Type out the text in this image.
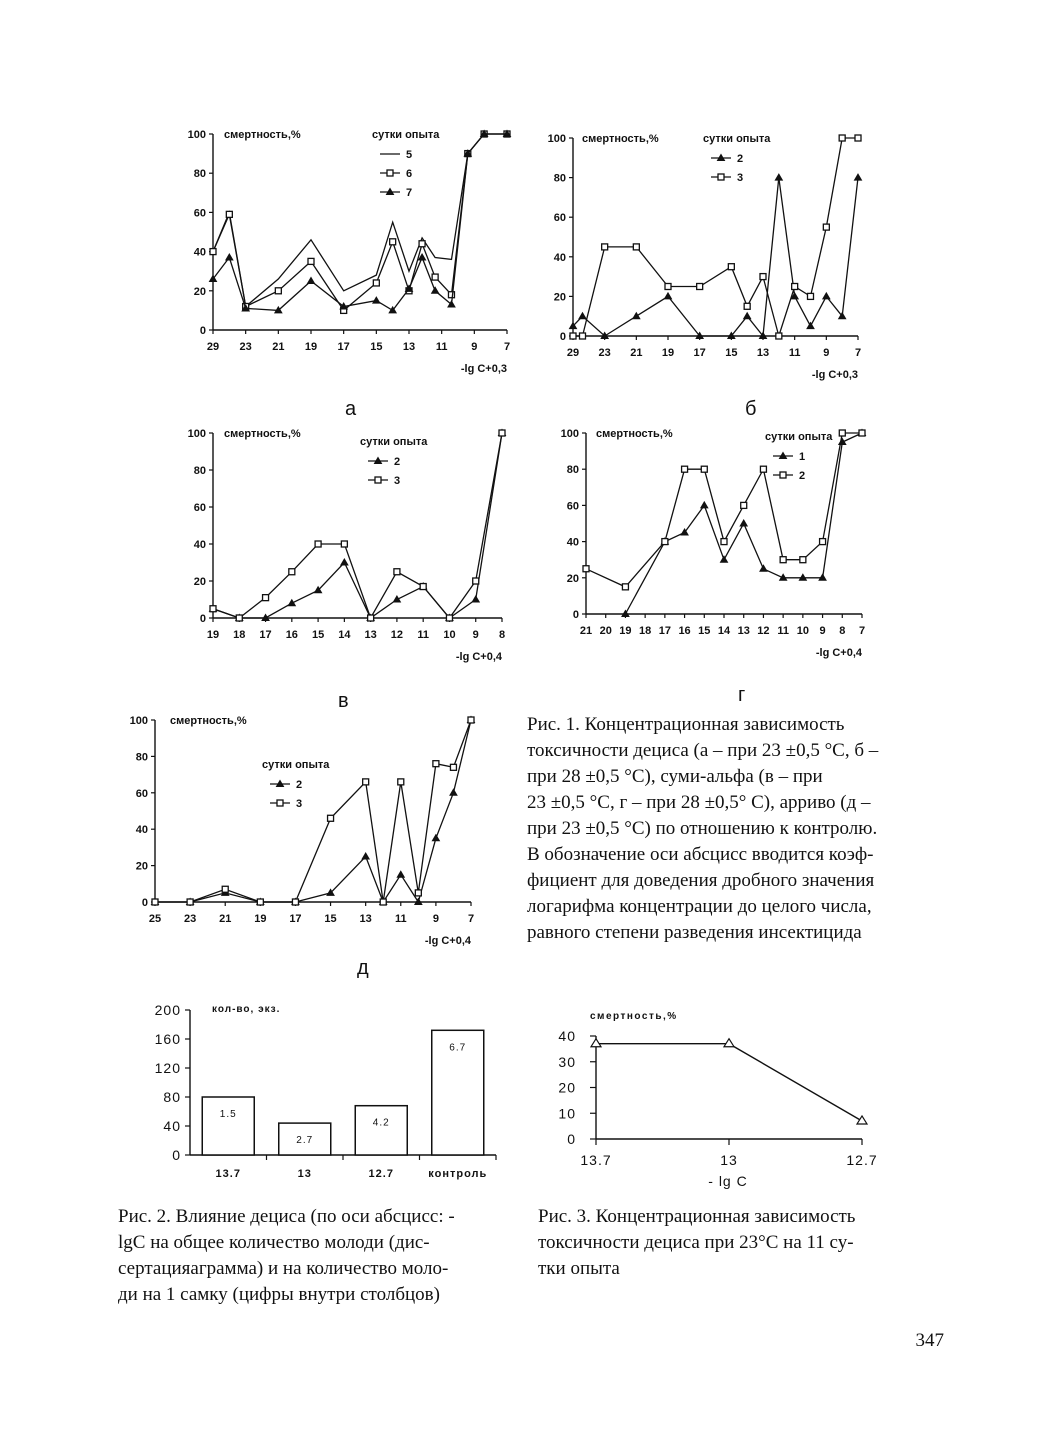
0
20
40
60
80
100
29 23 21 19 17 15 13 11 9 7
-lg C+0,3
смертность,%	сутки опыта
5
6
7
а
0
20
40
60
80
100
29 23 21 19 17 15 13 11 9 7
-lg C+0,3
смертность,%	сутки опыта
2
3
б
0
20
40
60
80
100
19 18 17 16 15 14 13 12 11 10 9 8
-lg C+0,4
смертность,%
сутки опыта
2
3
в
0
20
40
60
80
100
21 20 19 18 17 16 15 14 13 12 11 10 9 8 7
-lg C+0,4
смертность,%	сутки опыта
1
2
г
0
20
40
60
80
100
25 23 21 19 17 15 13 11 9	7
-lg C+0,4
смертность,%
сутки опыта
2
3
д
0
40
80
120
160
200	кол-во, экз.
1.5
13.7
2.7
13
4.2
12.7
6.7
контроль
0
10
20
30
40
смертность,%
13.7	13	12.7
- lg C

Рис. 1. Концентрационная зависимость
токсичности дециса (а – при 23 ±0,5 °С, б –
при 28 ±0,5 °С), суми-альфа (в – при
23 ±0,5 °С, г – при 28 ±0,5° С), арриво (д –
при 23 ±0,5 °С) по отношению к контролю.
В обозначение оси абсцисс вводится коэф-
фициент для доведения дробного значения
логарифма концентрации до целого числа,
равного степени разведения инсектицида

Рис. 2. Влияние дециса (по оси абсцисс: -
lgC на общее количество молоди (дис-
сертацияаграмма) и на количество моло-
ди на 1 самку (цифры внутри столбцов)

Рис. 3. Концентрационная зависимость
токсичности дециса при 23°С на 11 су-
тки опыта

347
